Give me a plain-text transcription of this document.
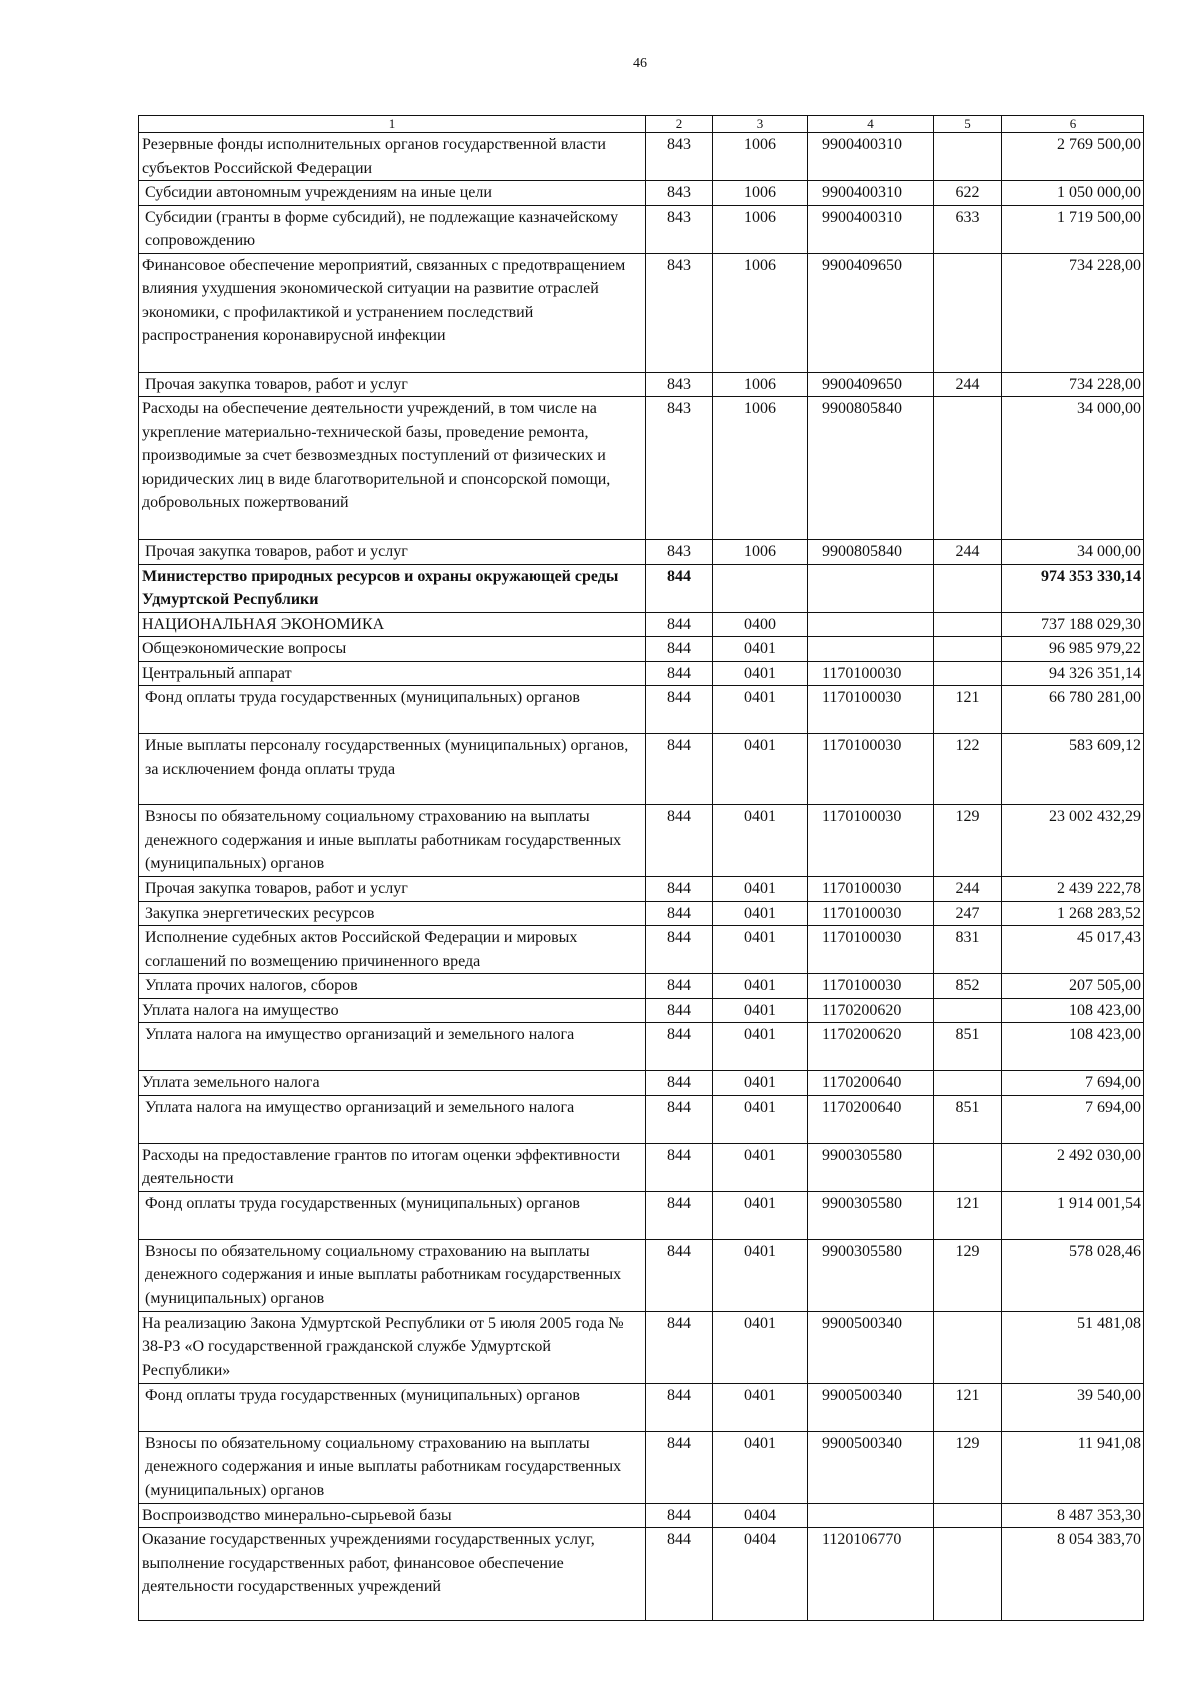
46
1	2	3	4	5	6
Резервные фонды исполнительных органов государственной власти субъектов Российской Федерации	843	1006	9900400310		2 769 500,00
Субсидии автономным учреждениям на иные цели	843	1006	9900400310	622	1 050 000,00
Субсидии (гранты в форме субсидий), не подлежащие казначейскому сопровождению	843	1006	9900400310	633	1 719 500,00
Финансовое обеспечение мероприятий, связанных с предотвращением влияния ухудшения экономической ситуации на развитие отраслей экономики, с профилактикой и устранением последствий распространения коронавирусной инфекции	843	1006	9900409650		734 228,00
Прочая закупка товаров, работ и услуг	843	1006	9900409650	244	734 228,00
Расходы на обеспечение деятельности учреждений, в том числе на укрепление материально-технической базы, проведение ремонта, производимые за счет безвозмездных поступлений от физических и юридических лиц в виде благотворительной и спонсорской помощи, добровольных пожертвований	843	1006	9900805840		34 000,00
Прочая закупка товаров, работ и услуг	843	1006	9900805840	244	34 000,00
Министерство природных ресурсов и охраны окружающей среды Удмуртской Республики	844				974 353 330,14
НАЦИОНАЛЬНАЯ ЭКОНОМИКА	844	0400			737 188 029,30
Общеэкономические вопросы	844	0401			96 985 979,22
Центральный аппарат	844	0401	1170100030		94 326 351,14
Фонд оплаты труда государственных (муниципальных) органов	844	0401	1170100030	121	66 780 281,00
Иные выплаты персоналу государственных (муниципальных) органов, за исключением фонда оплаты труда	844	0401	1170100030	122	583 609,12
Взносы по обязательному социальному страхованию на выплаты денежного содержания и иные выплаты работникам государственных (муниципальных) органов	844	0401	1170100030	129	23 002 432,29
Прочая закупка товаров, работ и услуг	844	0401	1170100030	244	2 439 222,78
Закупка энергетических ресурсов	844	0401	1170100030	247	1 268 283,52
Исполнение судебных актов Российской Федерации и мировых соглашений по возмещению причиненного вреда	844	0401	1170100030	831	45 017,43
Уплата прочих налогов, сборов	844	0401	1170100030	852	207 505,00
Уплата налога на имущество	844	0401	1170200620		108 423,00
Уплата налога на имущество организаций и земельного налога	844	0401	1170200620	851	108 423,00
Уплата земельного налога	844	0401	1170200640		7 694,00
Уплата налога на имущество организаций и земельного налога	844	0401	1170200640	851	7 694,00
Расходы на предоставление грантов по итогам оценки эффективности деятельности	844	0401	9900305580		2 492 030,00
Фонд оплаты труда государственных (муниципальных) органов	844	0401	9900305580	121	1 914 001,54
Взносы по обязательному социальному страхованию на выплаты денежного содержания и иные выплаты работникам государственных (муниципальных) органов	844	0401	9900305580	129	578 028,46
На реализацию Закона Удмуртской Республики от 5 июля 2005 года № 38-РЗ «О государственной гражданской службе Удмуртской Республики»	844	0401	9900500340		51 481,08
Фонд оплаты труда государственных (муниципальных) органов	844	0401	9900500340	121	39 540,00
Взносы по обязательному социальному страхованию на выплаты денежного содержания и иные выплаты работникам государственных (муниципальных) органов	844	0401	9900500340	129	11 941,08
Воспроизводство минерально-сырьевой базы	844	0404			8 487 353,30
Оказание государственных учреждениями государственных услуг, выполнение государственных работ, финансовое обеспечение деятельности государственных учреждений	844	0404	1120106770		8 054 383,70
